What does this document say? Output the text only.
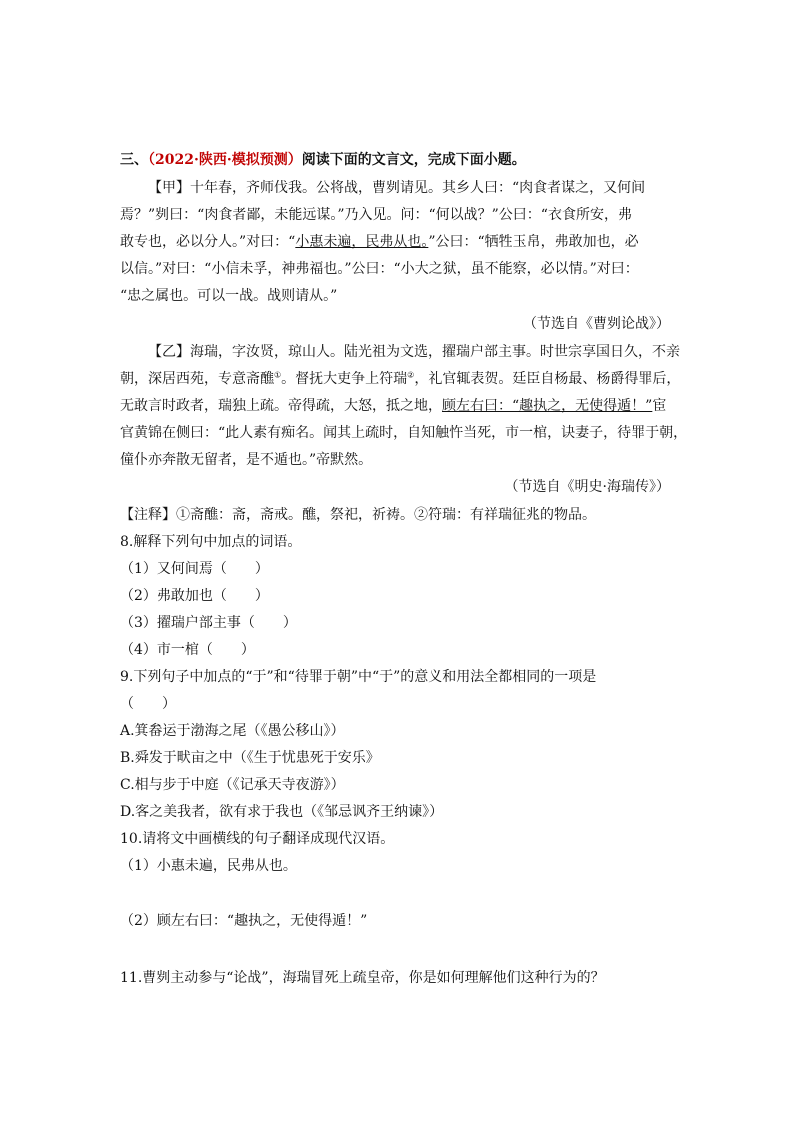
三、（2022·陕西·模拟预测）阅读下面的文言文，完成下面小题。
【甲】十年春，齐师伐我。公将战，曹刿请见。其乡人曰：“肉食者谋之，又何间
焉？”刿曰：“肉食者鄙，未能远谋。”乃入见。问：“何以战？”公曰：“衣食所安，弗
敢专也，必以分人。”对曰：“小惠未遍，民弗从也。”公曰：“牺牲玉帛，弗敢加也，必
以信。”对曰：“小信未孚，神弗福也。”公曰：“小大之狱，虽不能察，必以情。”对曰：
“忠之属也。可以一战。战则请从。”
（节选自《曹刿论战》）
【乙】海瑞，字汝贤，琼山人。陆光祖为文选，擢瑞户部主事。时世宗享国日久，不亲
朝，深居西苑，专意斋醮①。督抚大吏争上符瑞②，礼官辄表贺。廷臣自杨最、杨爵得罪后，
无敢言时政者，瑞独上疏。帝得疏，大怒，抵之地，顾左右曰：“趣执之，无使得遁！”宦
官黄锦在侧曰：“此人素有痴名。闻其上疏时，自知触忤当死，市一棺，诀妻子，待罪于朝，
僮仆亦奔散无留者，是不遁也。”帝默然。
（节选自《明史·海瑞传》）
【注释】①斋醮：斋，斋戒。醮，祭祀，祈祷。②符瑞：有祥瑞征兆的物品。
8.解释下列句中加点的词语。
（1）又何间焉（　　）
（2）弗敢加也（　　）
（3）擢瑞户部主事（　　）
（4）市一棺（　　）
9.下列句子中加点的“于”和“待罪于朝”中“于”的意义和用法全都相同的一项是
（　　）
A.箕畚运于渤海之尾（《愚公移山》）
B.舜发于畎亩之中（《生于忧患死于安乐》
C.相与步于中庭（《记承天寺夜游》）
D.客之美我者，欲有求于我也（《邹忌讽齐王纳谏》）
10.请将文中画横线的句子翻译成现代汉语。
（1）小惠未遍，民弗从也。
（2）顾左右曰：“趣执之，无使得遁！”
11.曹刿主动参与“论战”，海瑞冒死上疏皇帝，你是如何理解他们这种行为的？
